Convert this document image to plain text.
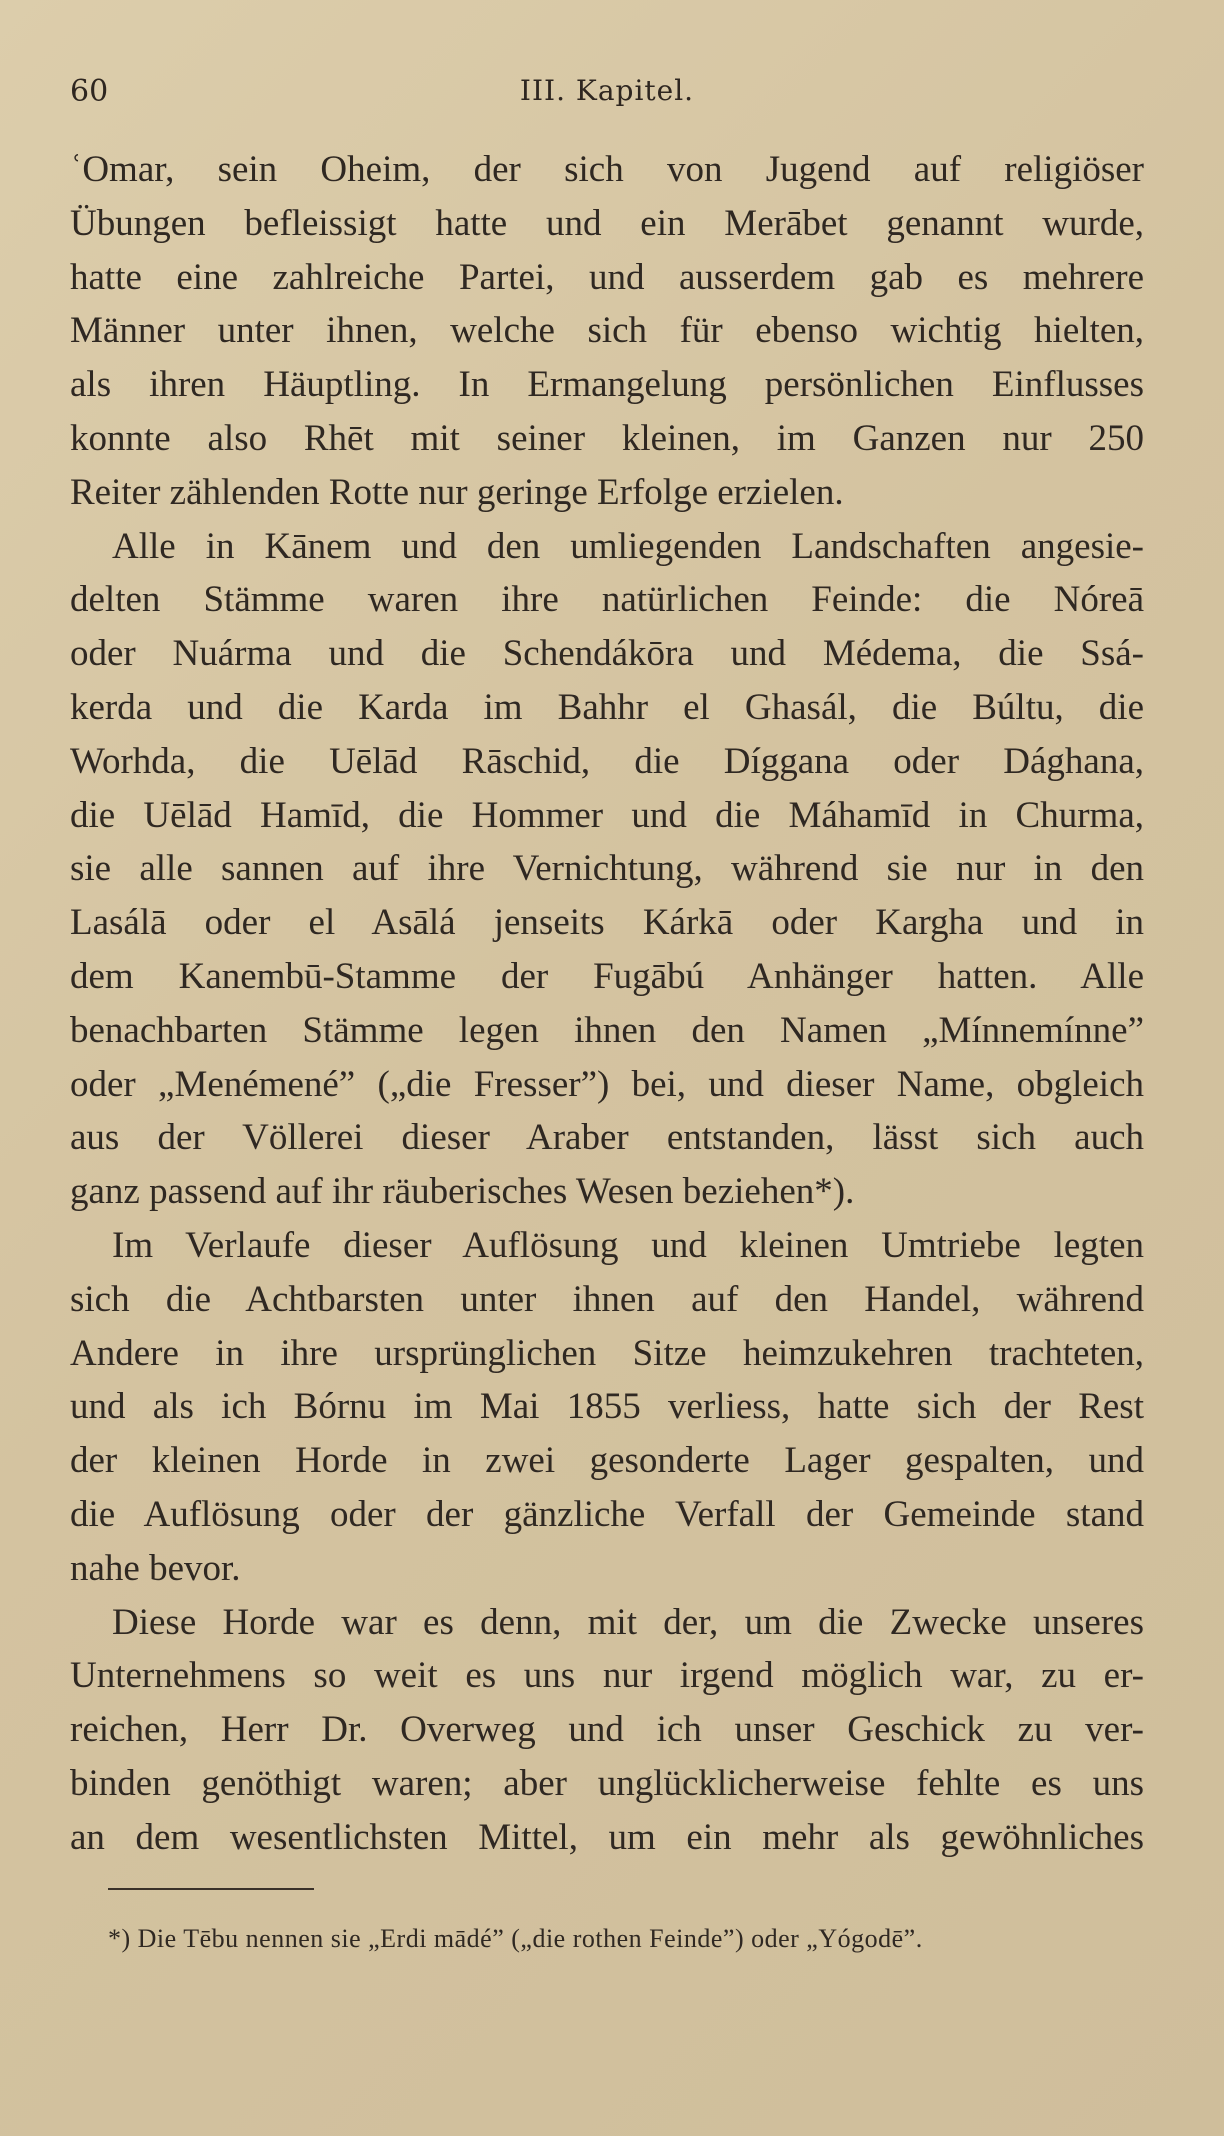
60	III. Kapitel.
ʿOmar, sein Oheim, der sich von Jugend auf religiöser
Übungen befleissigt hatte und ein Merābet genannt wurde,
hatte eine zahlreiche Partei, und ausserdem gab es mehrere
Männer unter ihnen, welche sich für ebenso wichtig hielten,
als ihren Häuptling. In Ermangelung persönlichen Einflusses
konnte also Rhēt mit seiner kleinen, im Ganzen nur 250
Reiter zählenden Rotte nur geringe Erfolge erzielen.
Alle in Kānem und den umliegenden Landschaften angesie-
delten Stämme waren ihre natürlichen Feinde: die Nóreā
oder Nuárma und die Schendákōra und Médema, die Ssá-
kerda und die Karda im Bahhr el Ghasál, die Búltu, die
Worhda, die Uēlād Rāschid, die Díggana oder Dághana,
die Uēlād Hamīd, die Hommer und die Máhamīd in Churma,
sie alle sannen auf ihre Vernichtung, während sie nur in den
Lasálā oder el Asālá jenseits Kárkā oder Kargha und in
dem Kanembū-Stamme der Fugābú Anhänger hatten. Alle
benachbarten Stämme legen ihnen den Namen „Mínnemínne”
oder „Menémené” („die Fresser”) bei, und dieser Name, obgleich
aus der Völlerei dieser Araber entstanden, lässt sich auch
ganz passend auf ihr räuberisches Wesen beziehen*).
Im Verlaufe dieser Auflösung und kleinen Umtriebe legten
sich die Achtbarsten unter ihnen auf den Handel, während
Andere in ihre ursprünglichen Sitze heimzukehren trachteten,
und als ich Bórnu im Mai 1855 verliess, hatte sich der Rest
der kleinen Horde in zwei gesonderte Lager gespalten, und
die Auflösung oder der gänzliche Verfall der Gemeinde stand
nahe bevor.
Diese Horde war es denn, mit der, um die Zwecke unseres
Unternehmens so weit es uns nur irgend möglich war, zu er-
reichen, Herr Dr. Overweg und ich unser Geschick zu ver-
binden genöthigt waren; aber unglücklicherweise fehlte es uns
an dem wesentlichsten Mittel, um ein mehr als gewöhnliches
*) Die Tēbu nennen sie „Erdi mādé” („die rothen Feinde”) oder „Yógodē”.
